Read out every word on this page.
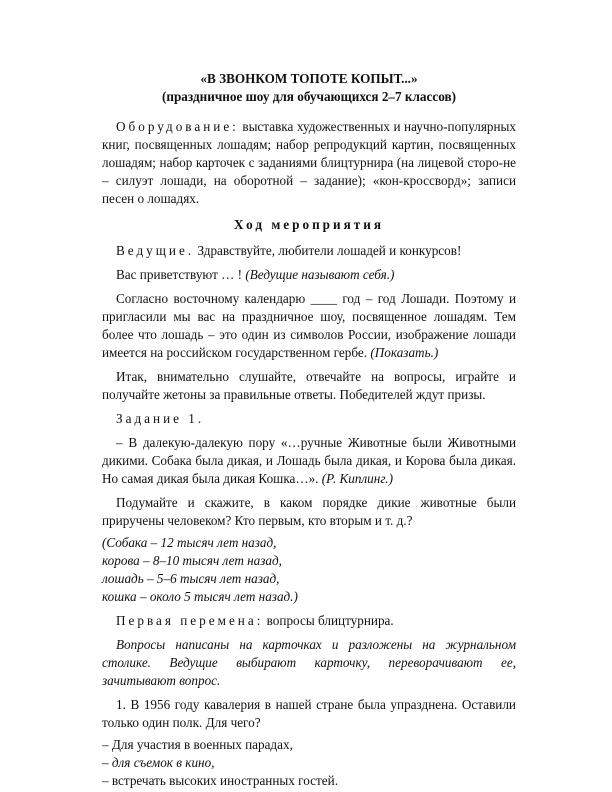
«В ЗВОНКОМ ТОПОТЕ КОПЫТ...»

(праздничное шоу для обучающихся 2–7 классов)

Оборудование: выставка художественных и научно-популярных книг, посвященных лошадям; набор репродукций картин, посвященных лошадям; набор карточек с заданиями блицтурнира (на лицевой сторо-не – силуэт лошади, на оборотной – задание); «кон-кроссворд»; записи песен о лошадях.

Ход мероприятия

Ведущие. Здравствуйте, любители лошадей и конкурсов!

Вас приветствуют … ! (Ведущие называют себя.)

Согласно восточному календарю ____ год – год Лошади. Поэтому и пригласили мы вас на праздничное шоу, посвященное лошадям. Тем более что лошадь – это один из символов России, изображение лошади имеется на российском государственном гербе. (Показать.)

Итак, внимательно слушайте, отвечайте на вопросы, играйте и получайте жетоны за правильные ответы. Победителей ждут призы.

Задание 1.

– В далекую-далекую пору «…ручные Животные были Животными дикими. Собака была дикая, и Лошадь была дикая, и Корова была дикая. Но самая дикая была дикая Кошка…». (Р. Киплинг.)

Подумайте и скажите, в каком порядке дикие животные были приручены человеком? Кто первым, кто вторым и т. д.?

(Собака – 12 тысяч лет назад,

корова – 8–10 тысяч лет назад,

лошадь – 5–6 тысяч лет назад,

кошка – около 5 тысяч лет назад.)

Первая перемена: вопросы блицтурнира.

Вопросы написаны на карточках и разложены на журнальном столике. Ведущие выбирают карточку, переворачивают ее, зачитывают вопрос.

1. В 1956 году кавалерия в нашей стране была упразднена. Оставили только один полк. Для чего?

– Для участия в военных парадах,

– для съемок в кино,

– встречать высоких иностранных гостей.
